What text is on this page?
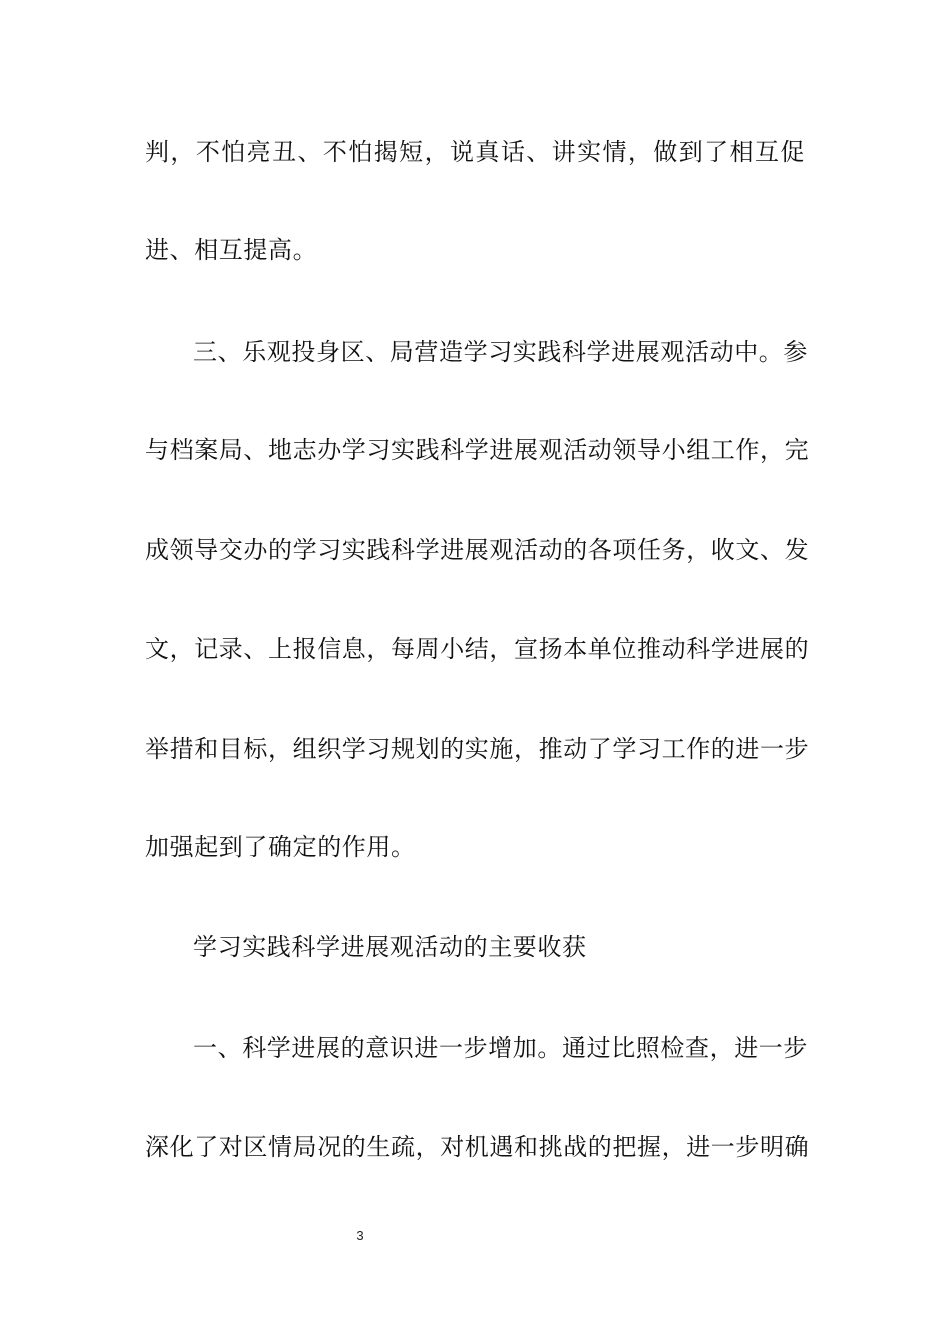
判，不怕亮丑、不怕揭短，说真话、讲实情，做到了相互促
进、相互提高。
三、乐观投身区、局营造学习实践科学进展观活动中。参
与档案局、地志办学习实践科学进展观活动领导小组工作，完
成领导交办的学习实践科学进展观活动的各项任务，收文、发
文，记录、上报信息，每周小结，宣扬本单位推动科学进展的
举措和目标，组织学习规划的实施，推动了学习工作的进一步
加强起到了确定的作用。
学习实践科学进展观活动的主要收获
一、科学进展的意识进一步增加。通过比照检查，进一步
深化了对区情局况的生疏，对机遇和挑战的把握，进一步明确
3
